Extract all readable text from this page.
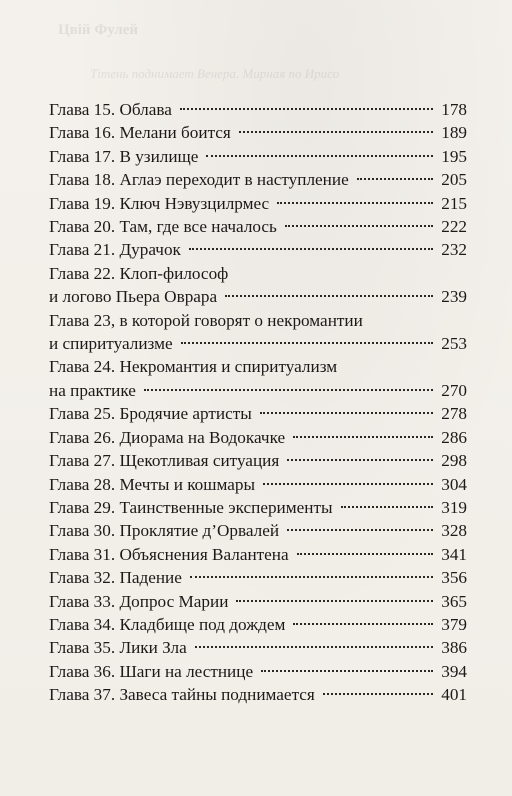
Цвій Фулей
Тітень поднимает Венера. Мирная по Ирисо
Глава 15. Облава	178
Глава 16. Мелани боится	189
Глава 17. В узилище	195
Глава 18. Аглаэ переходит в наступление	205
Глава 19. Ключ Нэвузцилрмес	215
Глава 20. Там, где все началось	222
Глава 21. Дурачок	232
Глава 22. Клоп-философ
и логово Пьера Оврара	239
Глава 23, в которой говорят о некромантии
и спиритуализме	253
Глава 24. Некромантия и спиритуализм
на практике	270
Глава 25. Бродячие артисты	278
Глава 26. Диорама на Водокачке	286
Глава 27. Щекотливая ситуация	298
Глава 28. Мечты и кошмары	304
Глава 29. Таинственные эксперименты	319
Глава 30. Проклятие д’Орвалей	328
Глава 31. Объяснения Валантена	341
Глава 32. Падение	356
Глава 33. Допрос Марии	365
Глава 34. Кладбище под дождем	379
Глава 35. Лики Зла	386
Глава 36. Шаги на лестнице	394
Глава 37. Завеса тайны поднимается	401
